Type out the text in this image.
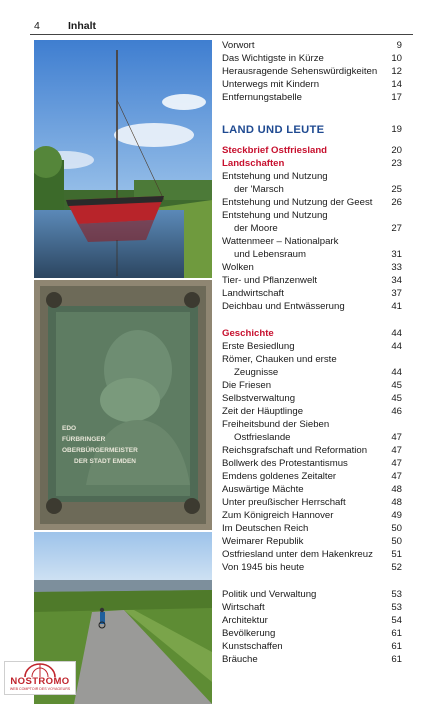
4	Inhalt
EDO
FÜRBRINGER
OBERBÜRGERMEISTER
DER STADT EMDEN
Vorwort	9
Das Wichtigste in Kürze	10
Herausragende Sehenswürdigkeiten 12
Unterwegs mit Kindern	14
Entfernungstabelle	17
LAND UND LEUTE	19
Steckbrief Ostfriesland	20
Landschaften	23
Entstehung und Nutzung
der 'Marsch	25
Entstehung und Nutzung der Geest 26
Entstehung und Nutzung
der Moore	27
Wattenmeer – Nationalpark
und Lebensraum	31
Wolken	33
Tier- und Pflanzenwelt	34
Landwirtschaft	37
Deichbau und Entwässerung	41
Geschichte	44
Erste Besiedlung	44
Römer, Chauken und erste
Zeugnisse	44
Die Friesen	45
Selbstverwaltung	45
Zeit der Häuptlinge	46
Freiheitsbund der Sieben
Ostfrieslande	47
Reichsgrafschaft und Reformation	47
Bollwerk des Protestantismus	47
Emdens goldenes Zeitalter	47
Auswärtige Mächte	48
Unter preußischer Herrschaft	48
Zum Königreich Hannover	49
Im Deutschen Reich	50
Weimarer Republik	50
Ostfriesland unter dem Hakenkreuz 51
Von 1945 bis heute	52
Politik und Verwaltung	53
Wirtschaft	53
Architektur	54
Bevölkerung	61
Kunstschaffen	61
Bräuche	61
NOSTROMO
WEB COMPTOIR DES VOYAGEURS
